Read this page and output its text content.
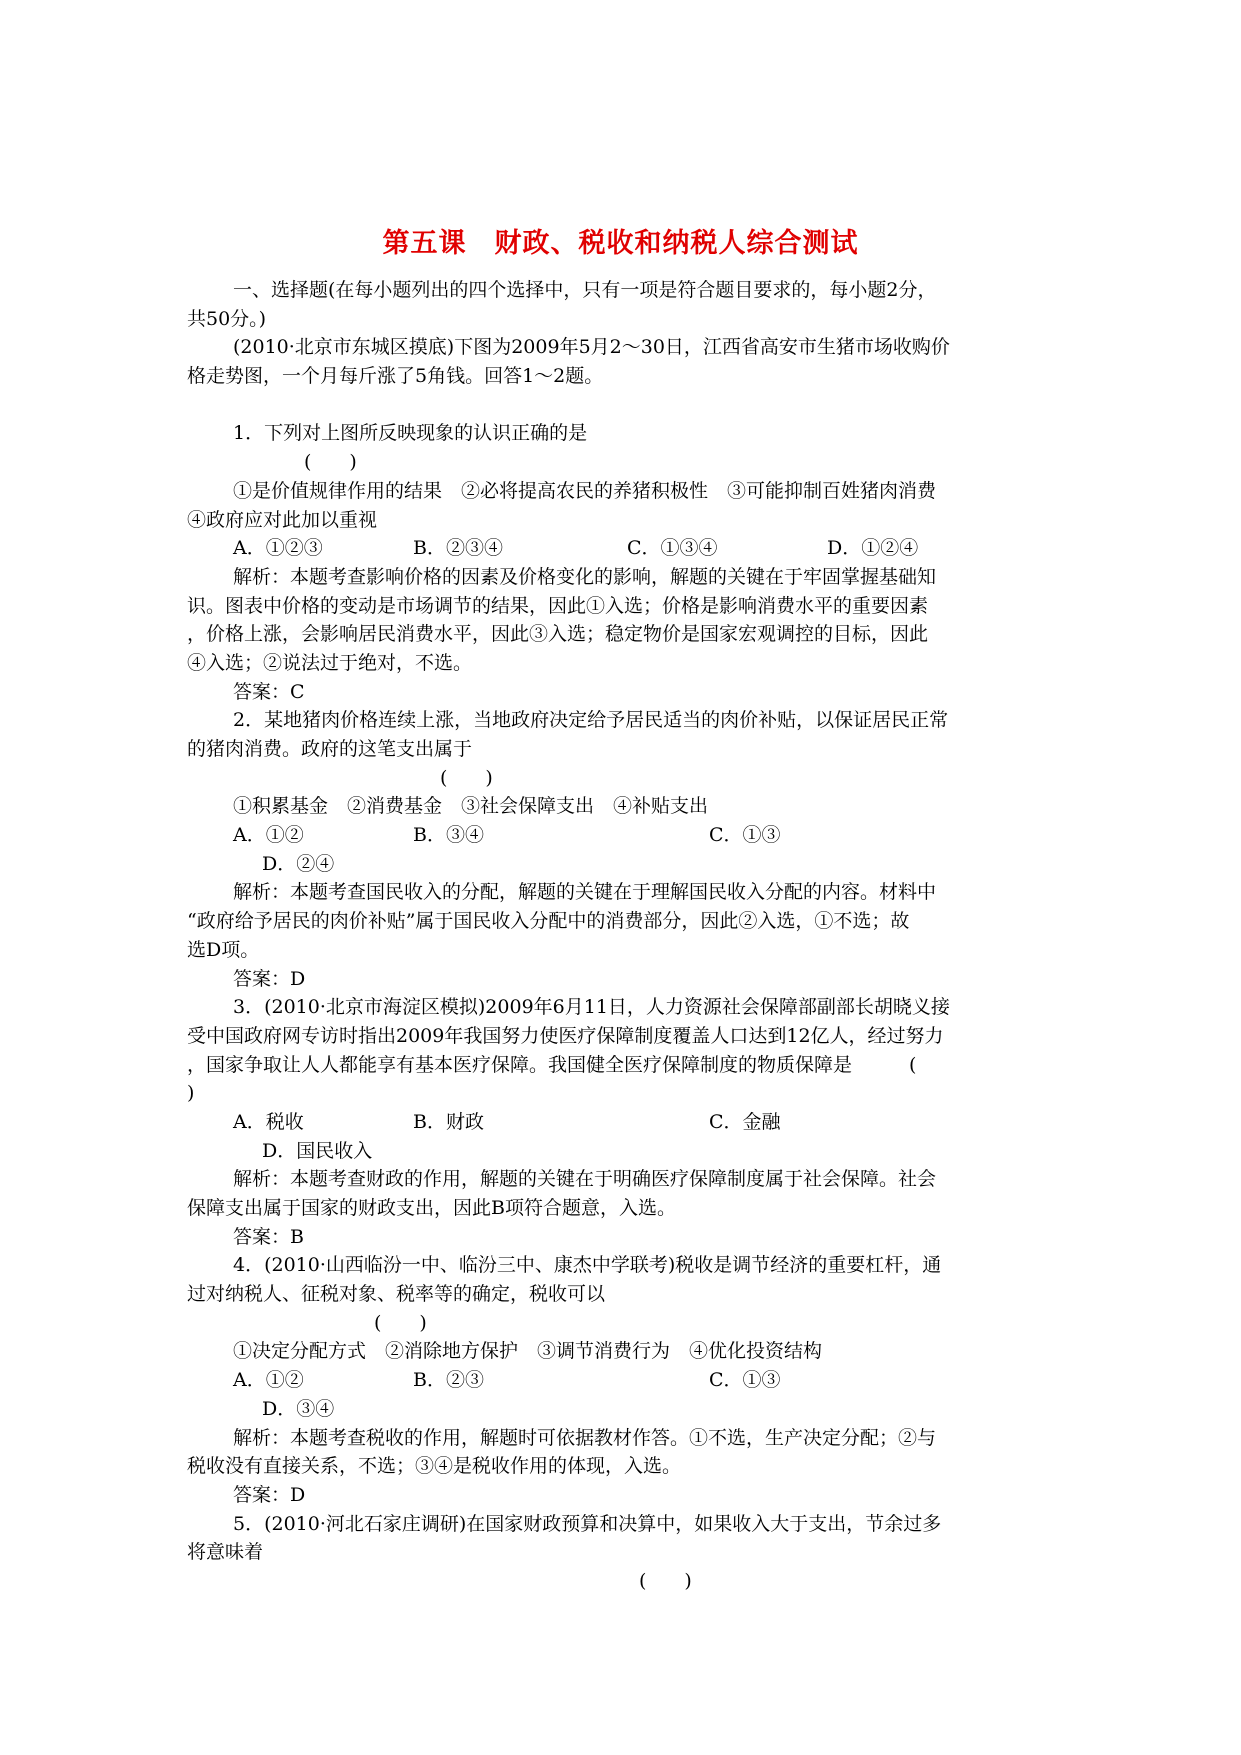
第五课　财政、税收和纳税人综合测试
一、选择题(在每小题列出的四个选择中，只有一项是符合题目要求的，每小题2分，
共50分。)
(2010·北京市东城区摸底)下图为2009年5月2～30日，江西省高安市生猪市场收购价
格走势图，一个月每斤涨了5角钱。回答1～2题。
1．下列对上图所反映现象的认识正确的是
(　　)
①是价值规律作用的结果　②必将提高农民的养猪积极性　③可能抑制百姓猪肉消费
④政府应对此加以重视
A．①②③	B．②③④	C．①③④	D．①②④
解析：本题考查影响价格的因素及价格变化的影响，解题的关键在于牢固掌握基础知
识。图表中价格的变动是市场调节的结果，因此①入选；价格是影响消费水平的重要因素
，价格上涨，会影响居民消费水平，因此③入选；稳定物价是国家宏观调控的目标，因此
④入选；②说法过于绝对，不选。
答案：C
2．某地猪肉价格连续上涨，当地政府决定给予居民适当的肉价补贴，以保证居民正常
的猪肉消费。政府的这笔支出属于
(　　)
①积累基金　②消费基金　③社会保障支出　④补贴支出
A．①②	B．③④	C．①③
D．②④
解析：本题考查国民收入的分配，解题的关键在于理解国民收入分配的内容。材料中
“政府给予居民的肉价补贴”属于国民收入分配中的消费部分，因此②入选，①不选；故
选D项。
答案：D
3．(2010·北京市海淀区模拟)2009年6月11日，人力资源社会保障部副部长胡晓义接
受中国政府网专访时指出2009年我国努力使医疗保障制度覆盖人口达到12亿人，经过努力
，国家争取让人人都能享有基本医疗保障。我国健全医疗保障制度的物质保障是	(
)
A．税收	B．财政	C．金融
D．国民收入
解析：本题考查财政的作用，解题的关键在于明确医疗保障制度属于社会保障。社会
保障支出属于国家的财政支出，因此B项符合题意，入选。
答案：B
4．(2010·山西临汾一中、临汾三中、康杰中学联考)税收是调节经济的重要杠杆，通
过对纳税人、征税对象、税率等的确定，税收可以
(　　)
①决定分配方式　②消除地方保护　③调节消费行为　④优化投资结构
A．①②	B．②③	C．①③
D．③④
解析：本题考查税收的作用，解题时可依据教材作答。①不选，生产决定分配；②与
税收没有直接关系，不选；③④是税收作用的体现，入选。
答案：D
5．(2010·河北石家庄调研)在国家财政预算和决算中，如果收入大于支出，节余过多
将意味着
(　　)
